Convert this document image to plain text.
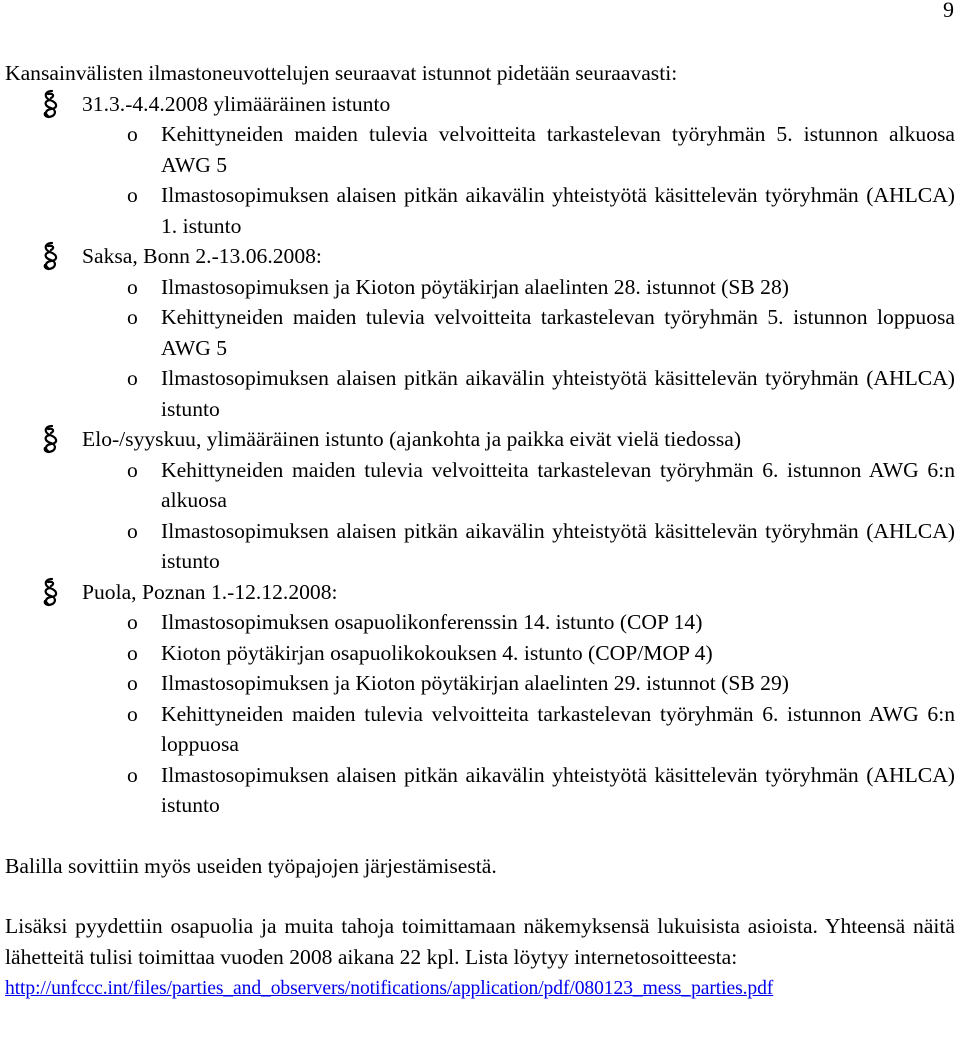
9

Kansainvälisten ilmastoneuvottelujen seuraavat istunnot pidetään seuraavasti:

31.3.-4.4.2008 ylimääräinen istunto
o Kehittyneiden maiden tulevia velvoitteita tarkastelevan työryhmän 5. istunnon alkuosa AWG 5
o Ilmastosopimuksen alaisen pitkän aikavälin yhteistyötä käsittelevän työryhmän (AHLCA) 1. istunto
Saksa, Bonn 2.-13.06.2008:
o Ilmastosopimuksen ja Kioton pöytäkirjan alaelinten 28. istunnot (SB 28)
o Kehittyneiden maiden tulevia velvoitteita tarkastelevan työryhmän 5. istunnon loppuosa AWG 5
o Ilmastosopimuksen alaisen pitkän aikavälin yhteistyötä käsittelevän työryhmän (AHLCA) istunto
Elo-/syyskuu, ylimääräinen istunto (ajankohta ja paikka eivät vielä tiedossa)
o Kehittyneiden maiden tulevia velvoitteita tarkastelevan työryhmän 6. istunnon AWG 6:n alkuosa
o Ilmastosopimuksen alaisen pitkän aikavälin yhteistyötä käsittelevän työryhmän (AHLCA) istunto
Puola, Poznan 1.-12.12.2008:
o Ilmastosopimuksen osapuolikonferenssin 14. istunto (COP 14)
o Kioton pöytäkirjan osapuolikokouksen 4. istunto (COP/MOP 4)
o Ilmastosopimuksen ja Kioton pöytäkirjan alaelinten 29. istunnot (SB 29)
o Kehittyneiden maiden tulevia velvoitteita tarkastelevan työryhmän 6. istunnon AWG 6:n loppuosa
o Ilmastosopimuksen alaisen pitkän aikavälin yhteistyötä käsittelevän työryhmän (AHLCA) istunto

Balilla sovittiin myös useiden työpajojen järjestämisestä.

Lisäksi pyydettiin osapuolia ja muita tahoja toimittamaan näkemyksensä lukuisista asioista. Yhteensä näitä lähetteitä tulisi toimittaa vuoden 2008 aikana 22 kpl. Lista löytyy internetosoitteesta:

http://unfccc.int/files/parties_and_observers/notifications/application/pdf/080123_mess_parties.pdf
